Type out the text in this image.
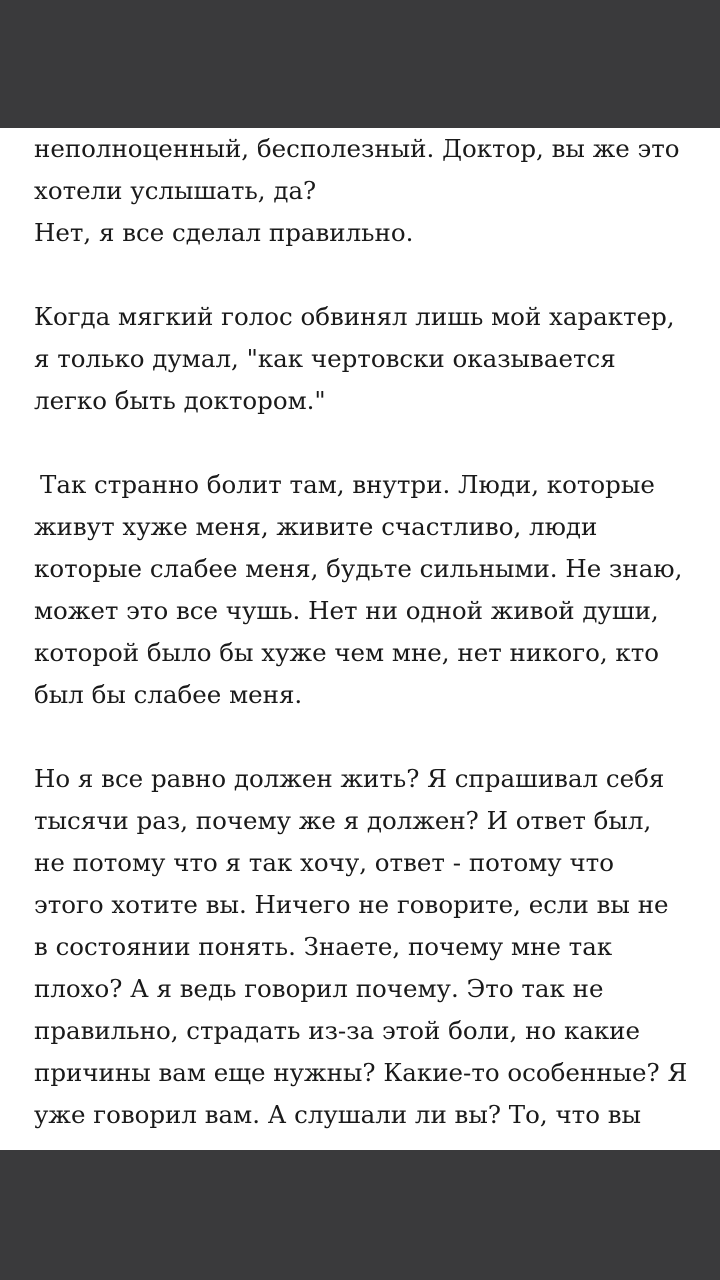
неполноценный, бесполезный. Доктор, вы же это
хотели услышать, да?
Нет, я все сделал правильно.
Когда мягкий голос обвинял лишь мой характер,
я только думал, "как чертовски оказывается
легко быть доктором."
Так странно болит там, внутри. Люди, которые
живут хуже меня, живите счастливо, люди
которые слабее меня, будьте сильными. Не знаю,
может это все чушь. Нет ни одной живой души,
которой было бы хуже чем мне, нет никого, кто
был бы слабее меня.
Но я все равно должен жить? Я спрашивал себя
тысячи раз, почему же я должен? И ответ был,
не потому что я так хочу, ответ - потому что
этого хотите вы. Ничего не говорите, если вы не
в состоянии понять. Знаете, почему мне так
плохо? А я ведь говорил почему. Это так не
правильно, страдать из-за этой боли, но какие
причины вам еще нужны? Какие-то особенные? Я
уже говорил вам. А слушали ли вы? То, что вы
